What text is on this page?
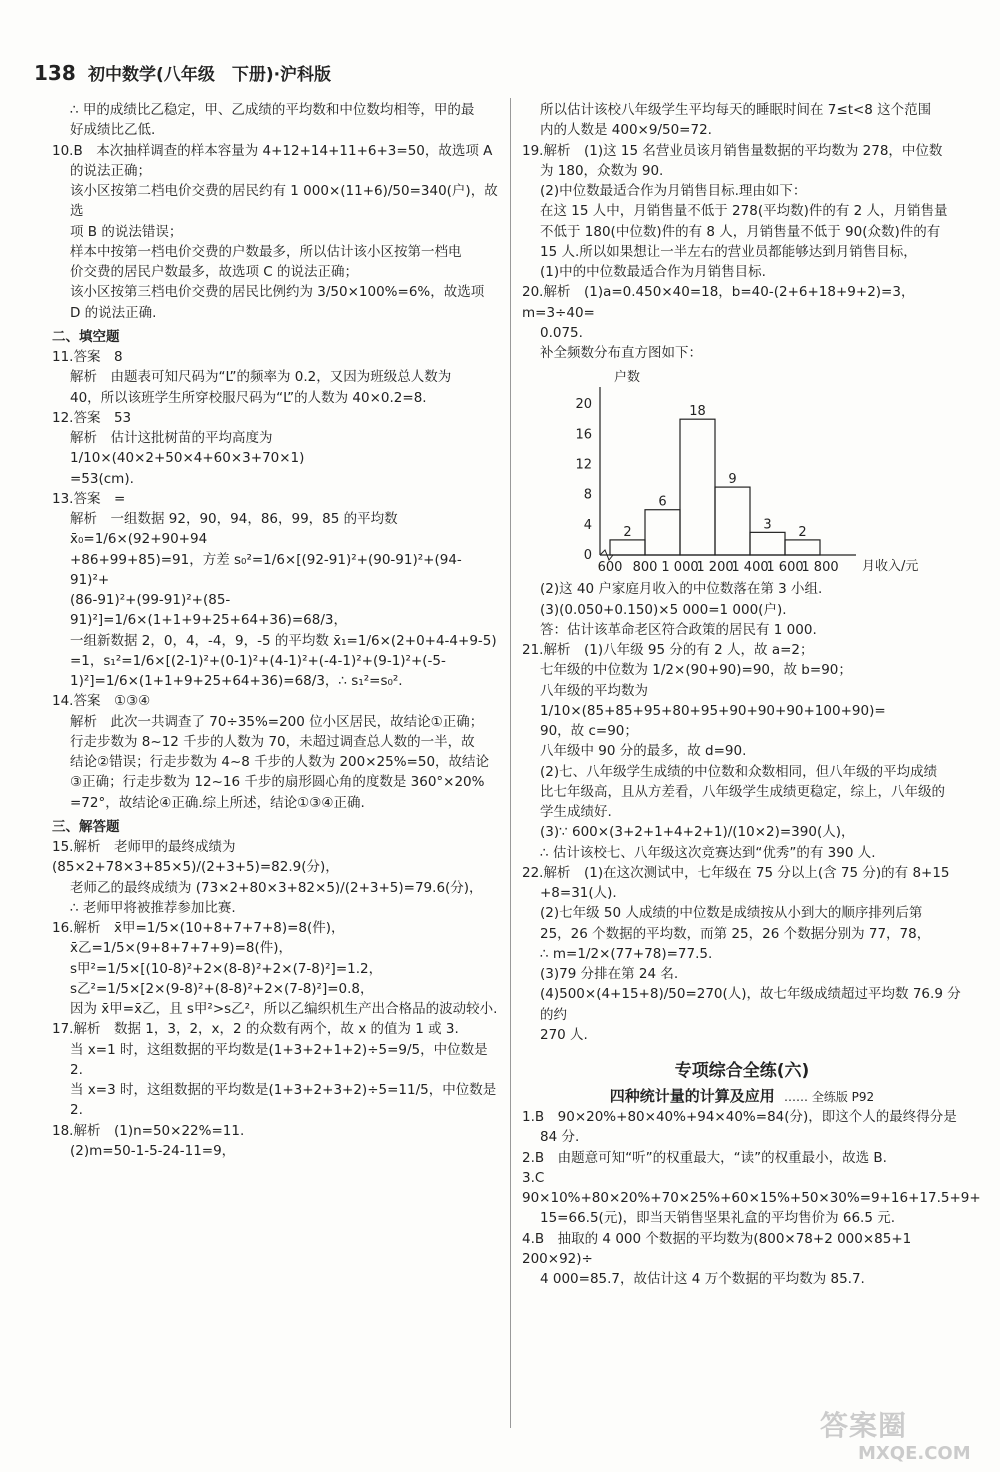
138 初中数学(八年级　下册)·沪科版

∴ 甲的成绩比乙稳定，甲、乙成绩的平均数和中位数均相等，甲的最

好成绩比乙低.

10.B　本次抽样调查的样本容量为 4+12+14+11+6+3=50，故选项 A

的说法正确；

该小区按第二档电价交费的居民约有 1 000×(11+6)/50=340(户)，故选

项 B 的说法错误；

样本中按第一档电价交费的户数最多，所以估计该小区按第一档电

价交费的居民户数最多，故选项 C 的说法正确；

该小区按第三档电价交费的居民比例约为 3/50×100%=6%，故选项

D 的说法正确.

二、填空题

11.答案　8

解析　由题表可知尺码为“L”的频率为 0.2，又因为班级总人数为

40，所以该班学生所穿校服尺码为“L”的人数为 40×0.2=8.

12.答案　53

解析　估计这批树苗的平均高度为 1/10×(40×2+50×4+60×3+70×1)

=53(cm).

13.答案　=

解析　一组数据 92，90，94，86，99，85 的平均数 x̄₀=1/6×(92+90+94

+86+99+85)=91，方差 s₀²=1/6×[(92-91)²+(90-91)²+(94-91)²+

(86-91)²+(99-91)²+(85-91)²]=1/6×(1+1+9+25+64+36)=68/3，

一组新数据 2，0，4，-4，9，-5 的平均数 x̄₁=1/6×(2+0+4-4+9-5)

=1，s₁²=1/6×[(2-1)²+(0-1)²+(4-1)²+(-4-1)²+(9-1)²+(-5-

1)²]=1/6×(1+1+9+25+64+36)=68/3，∴ s₁²=s₀².

14.答案　①③④

解析　此次一共调查了 70÷35%=200 位小区居民，故结论①正确；

行走步数为 8~12 千步的人数为 70，未超过调查总人数的一半，故

结论②错误；行走步数为 4~8 千步的人数为 200×25%=50，故结论

③正确；行走步数为 12~16 千步的扇形圆心角的度数是 360°×20%

=72°，故结论④正确.综上所述，结论①③④正确.

三、解答题

15.解析　老师甲的最终成绩为 (85×2+78×3+85×5)/(2+3+5)=82.9(分)，

老师乙的最终成绩为 (73×2+80×3+82×5)/(2+3+5)=79.6(分)，

∴ 老师甲将被推荐参加比赛.

16.解析　x̄甲=1/5×(10+8+7+7+8)=8(件)，

x̄乙=1/5×(9+8+7+7+9)=8(件)，

s甲²=1/5×[(10-8)²+2×(8-8)²+2×(7-8)²]=1.2，

s乙²=1/5×[2×(9-8)²+(8-8)²+2×(7-8)²]=0.8，

因为 x̄甲=x̄乙，且 s甲²>s乙²，所以乙编织机生产出合格品的波动较小.

17.解析　数据 1，3，2，x，2 的众数有两个，故 x 的值为 1 或 3.

当 x=1 时，这组数据的平均数是(1+3+2+1+2)÷5=9/5，中位数是 2.

当 x=3 时，这组数据的平均数是(1+3+2+3+2)÷5=11/5，中位数是 2.

18.解析　(1)n=50×22%=11.

(2)m=50-1-5-24-11=9，

所以估计该校八年级学生平均每天的睡眠时间在 7≤t<8 这个范围

内的人数是 400×9/50=72.

19.解析　(1)这 15 名营业员该月销售量数据的平均数为 278，中位数

为 180，众数为 90.

(2)中位数最适合作为月销售目标.理由如下：

在这 15 人中，月销售量不低于 278(平均数)件的有 2 人，月销售量

不低于 180(中位数)件的有 8 人，月销售量不低于 90(众数)件的有

15 人.所以如果想让一半左右的营业员都能够达到月销售目标，

(1)中的中位数最适合作为月销售目标.

20.解析　(1)a=0.450×40=18，b=40-(2+6+18+9+2)=3，m=3÷40=

0.075.

补全频数分布直方图如下：

户数
月收入/元
0
4
8
12
16
20
600 800 1 000
1 200
1 400
1 600
1 800
2
6
18
9
3
2

(2)这 40 户家庭月收入的中位数落在第 3 小组.

(3)(0.050+0.150)×5 000=1 000(户).

答：估计该革命老区符合政策的居民有 1 000.

21.解析　(1)八年级 95 分的有 2 人，故 a=2；

七年级的中位数为 1/2×(90+90)=90，故 b=90；

八年级的平均数为 1/10×(85+85+95+80+95+90+90+90+100+90)=

90，故 c=90；

八年级中 90 分的最多，故 d=90.

(2)七、八年级学生成绩的中位数和众数相同，但八年级的平均成绩

比七年级高，且从方差看，八年级学生成绩更稳定，综上，八年级的

学生成绩好.

(3)∵ 600×(3+2+1+4+2+1)/(10×2)=390(人)，

∴ 估计该校七、八年级这次竞赛达到“优秀”的有 390 人.

22.解析　(1)在这次测试中，七年级在 75 分以上(含 75 分)的有 8+15

+8=31(人).

(2)七年级 50 人成绩的中位数是成绩按从小到大的顺序排列后第

25，26 个数据的平均数，而第 25，26 个数据分别为 77，78，

∴ m=1/2×(77+78)=77.5.

(3)79 分排在第 24 名.

(4)500×(4+15+8)/50=270(人)，故七年级成绩超过平均数 76.9 分的约

270 人.

专项综合全练(六)

四种统计量的计算及应用 …… 全练版 P92

1.B　90×20%+80×40%+94×40%=84(分)，即这个人的最终得分是

84 分.

2.B　由题意可知“听”的权重最大，“读”的权重最小，故选 B.

3.C　90×10%+80×20%+70×25%+60×15%+50×30%=9+16+17.5+9+

15=66.5(元)，即当天销售坚果礼盒的平均售价为 66.5 元.

4.B　抽取的 4 000 个数据的平均数为(800×78+2 000×85+1 200×92)÷

4 000=85.7，故估计这 4 万个数据的平均数为 85.7.

答案圈
MXQE.COM
